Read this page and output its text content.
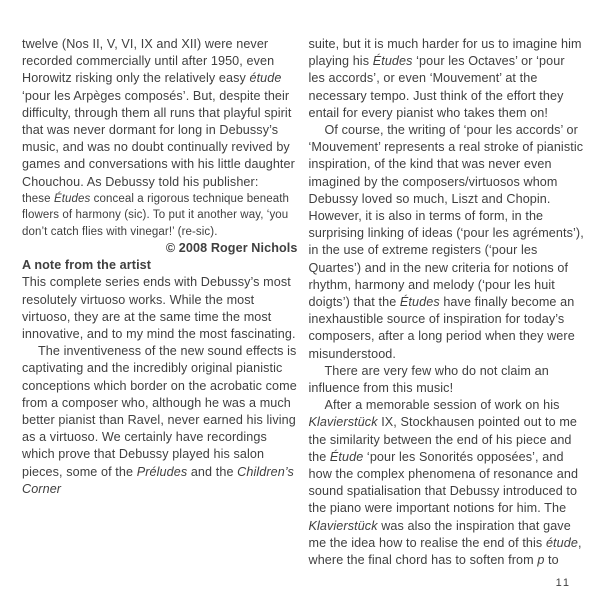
twelve (Nos II, V, VI, IX and XII) were never recorded commercially until after 1950, even Horowitz risking only the relatively easy étude ‘pour les Arpèges composés’. But, despite their difficulty, through them all runs that playful spirit that was never dormant for long in Debussy’s music, and was no doubt continually revived by games and conversations with his little daughter Chouchou. As Debussy told his publisher:

these Études conceal a rigorous technique beneath flowers of harmony (sic). To put it another way, ‘you don’t catch flies with vinegar!’ (re-sic).

© 2008 Roger Nichols

A note from the artist

This complete series ends with Debussy’s most resolutely virtuoso works. While the most virtuoso, they are at the same time the most innovative, and to my mind the most fascinating.

The inventiveness of the new sound effects is captivating and the incredibly original pianistic conceptions which border on the acrobatic come from a composer who, although he was a much better pianist than Ravel, never earned his living as a virtuoso. We certainly have recordings which prove that Debussy played his salon pieces, some of the Préludes and the Children’s Corner

suite, but it is much harder for us to imagine him playing his Études ‘pour les Octaves’ or ‘pour les accords’, or even ‘Mouvement’ at the necessary tempo. Just think of the effort they entail for every pianist who takes them on!

Of course, the writing of ‘pour les accords’ or ‘Mouvement’ represents a real stroke of pianistic inspiration, of the kind that was never even imagined by the composers/virtuosos whom Debussy loved so much, Liszt and Chopin. However, it is also in terms of form, in the surprising linking of ideas (‘pour les agréments’), in the use of extreme registers (‘pour les Quartes’) and in the new criteria for notions of rhythm, harmony and melody (‘pour les huit doigts’) that the Études have finally become an inexhaustible source of inspiration for today’s composers, after a long period when they were misunderstood.

There are very few who do not claim an influence from this music!

After a memorable session of work on his Klavierstück IX, Stockhausen pointed out to me the similarity between the end of his piece and the Étude ‘pour les Sonorités opposées’, and how the complex phenomena of resonance and sound spatialisation that Debussy introduced to the piano were important notions for him. The Klavierstück was also the inspiration that gave me the idea how to realise the end of this étude, where the final chord has to soften from p to

11
